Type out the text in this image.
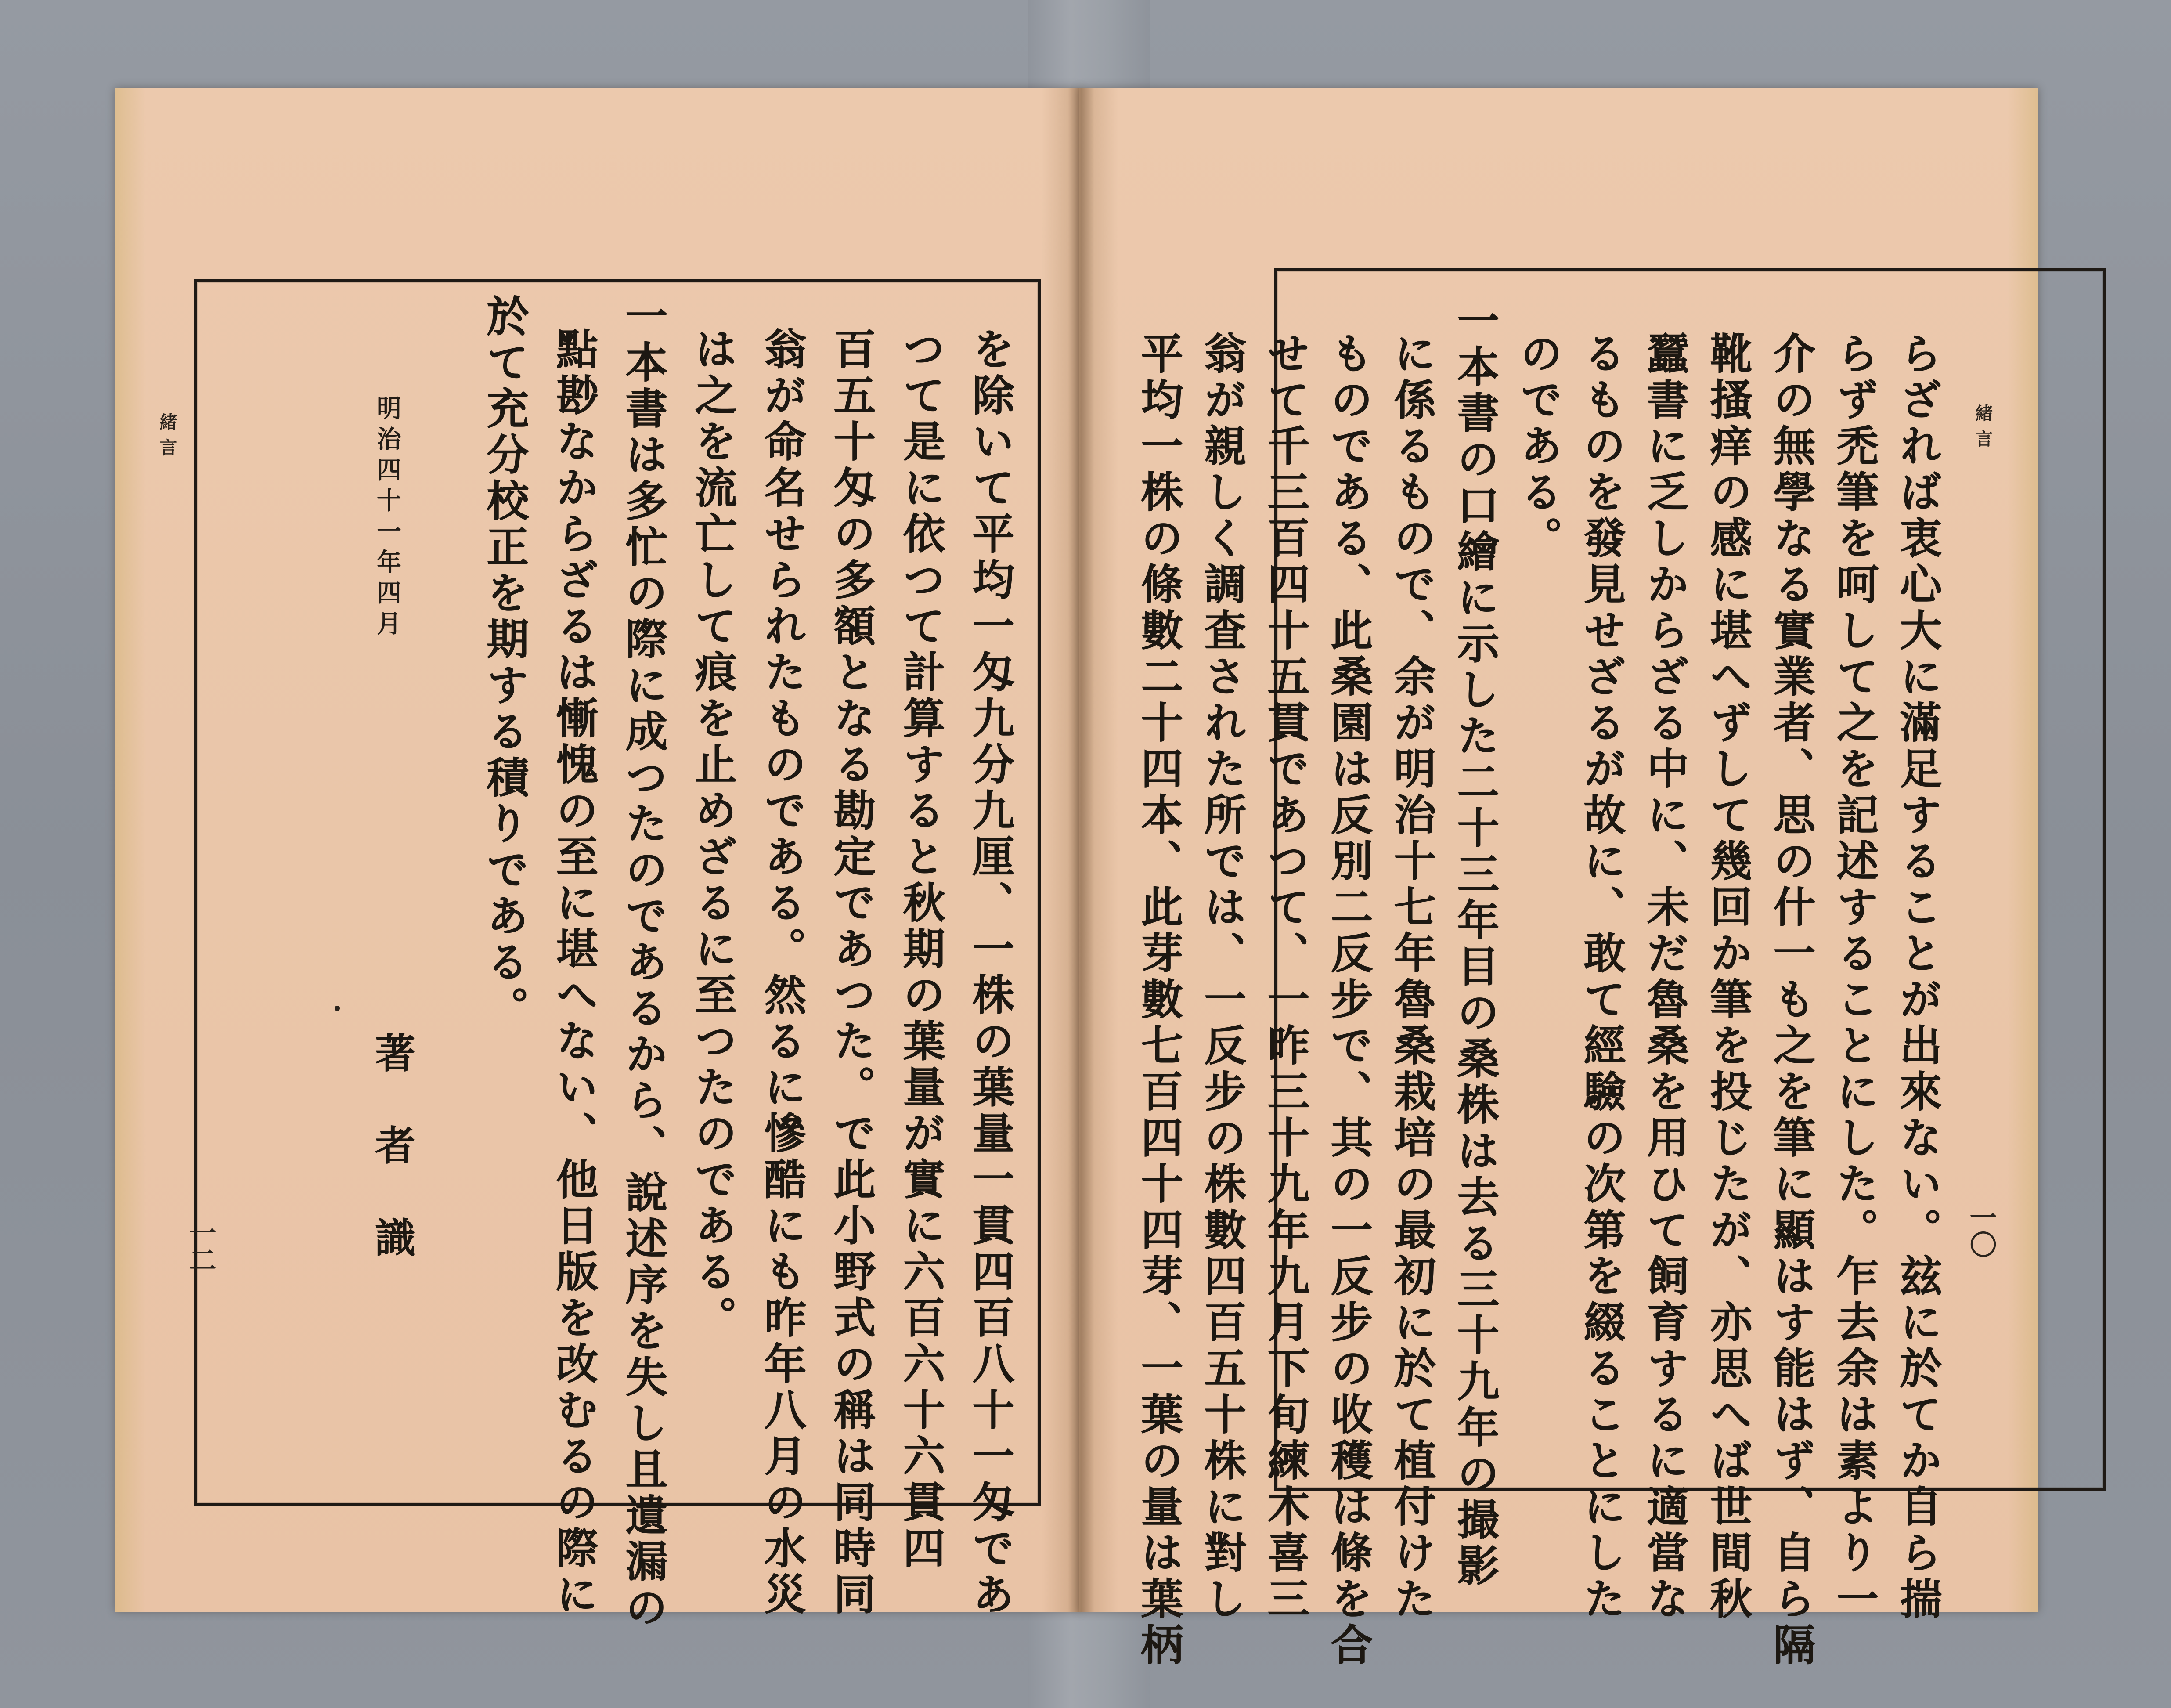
緒言	を除いて平均一匁九分九厘、一株の葉量一貫四百八十一匁であ
つて是に依つて計算すると秋期の葉量が實に六百六十六貫四
百五十匁の多額となる勘定であつた。で此小野式の稱は同時同
翁が命名せられたものである。然るに慘酷にも昨年八月の水災
は之を流亡して痕を止めざるに至つたのである。
一本書は多忙の際に成つたのであるから、說述序を失し且遺漏の
點尠なからざるは慚愧の至に堪へない、他日版を改むるの際に
於て充分校正を期する積りである。
明治四十一年四月
著者識
一二
緒言
らざれば衷心大に滿足することが出來ない。玆に於てか自ら揣
らず禿筆を呵して之を記述することにした。乍去余は素より一
介の無學なる實業者、思の什一も之を筆に顯はす能はず、自ら隔
靴搔痒の感に堪へずして幾回か筆を投じたが、亦思へば世間秋
蠶書に乏しからざる中に、未だ魯桑を用ひて飼育するに適當な
るものを發見せざるが故に、敢て經驗の次第を綴ることにした
のである。
一本書の口繪に示した二十三年目の桑株は去る三十九年の撮影
に係るもので、余が明治十七年魯桑栽培の最初に於て植付けた
ものである、此桑園は反別二反步で、其の一反步の收穫は條を合
せて千三百四十五貫であつて、一昨三十九年九月下旬練木喜三
翁が親しく調査された所では、一反步の株數四百五十株に對し
平均一株の條數二十四本、此芽數七百四十四芽、一葉の量は葉柄	一〇
